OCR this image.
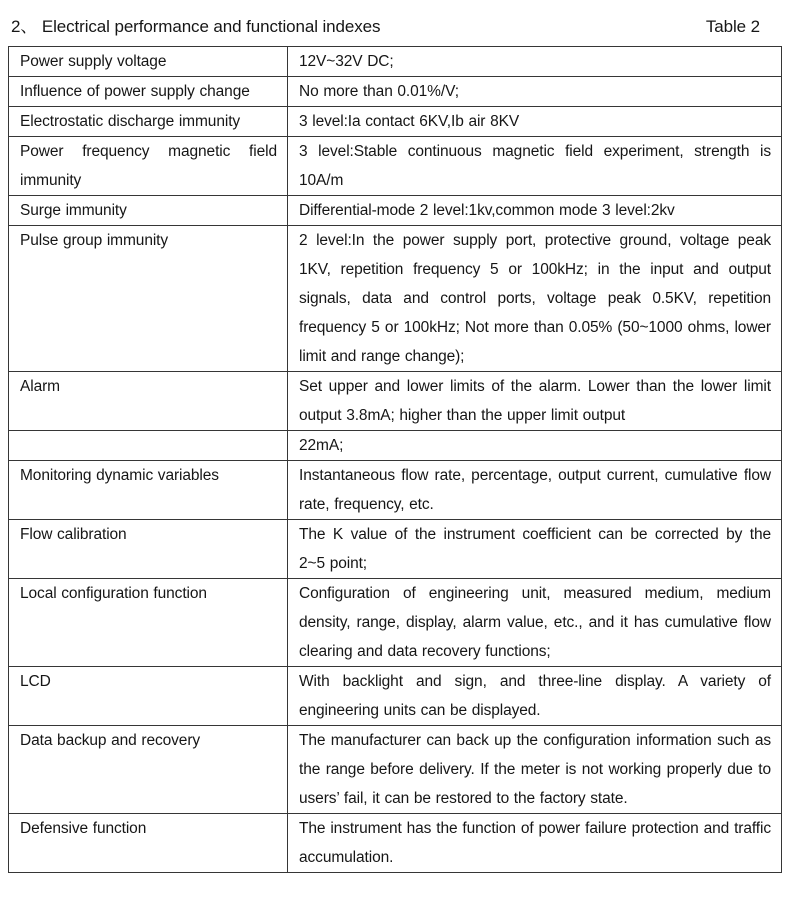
2、 Electrical performance and functional indexes	Table 2
Power supply voltage	12V~32V DC;
Influence of power supply change	No more than 0.01%/V;
Electrostatic discharge immunity	3 level:Ia contact 6KV,Ib air 8KV
Power frequency magnetic field immunity	3 level:Stable continuous magnetic field experiment, strength is 10A/m
Surge immunity	Differential-mode 2 level:1kv,common mode 3 level:2kv
Pulse group immunity	2 level:In the power supply port, protective ground, voltage peak 1KV, repetition frequency 5 or 100kHz; in the input and output signals, data and control ports, voltage peak 0.5KV, repetition frequency 5 or 100kHz; Not more than 0.05% (50~1000 ohms, lower limit and range change);
Alarm	Set upper and lower limits of the alarm. Lower than the lower limit output 3.8mA; higher than the upper limit output
	22mA;
Monitoring dynamic variables	Instantaneous flow rate, percentage, output current, cumulative flow rate, frequency, etc.
Flow calibration	The K value of the instrument coefficient can be corrected by the 2~5 point;
Local configuration function	Configuration of engineering unit, measured medium, medium density, range, display, alarm value, etc., and it has cumulative flow clearing and data recovery functions;
LCD	With backlight and sign, and three-line display. A variety of engineering units can be displayed.
Data backup and recovery	The manufacturer can back up the configuration information such as the range before delivery. If the meter is not working properly due to users’ fail, it can be restored to the factory state.
Defensive function	The instrument has the function of power failure protection and traffic accumulation.
